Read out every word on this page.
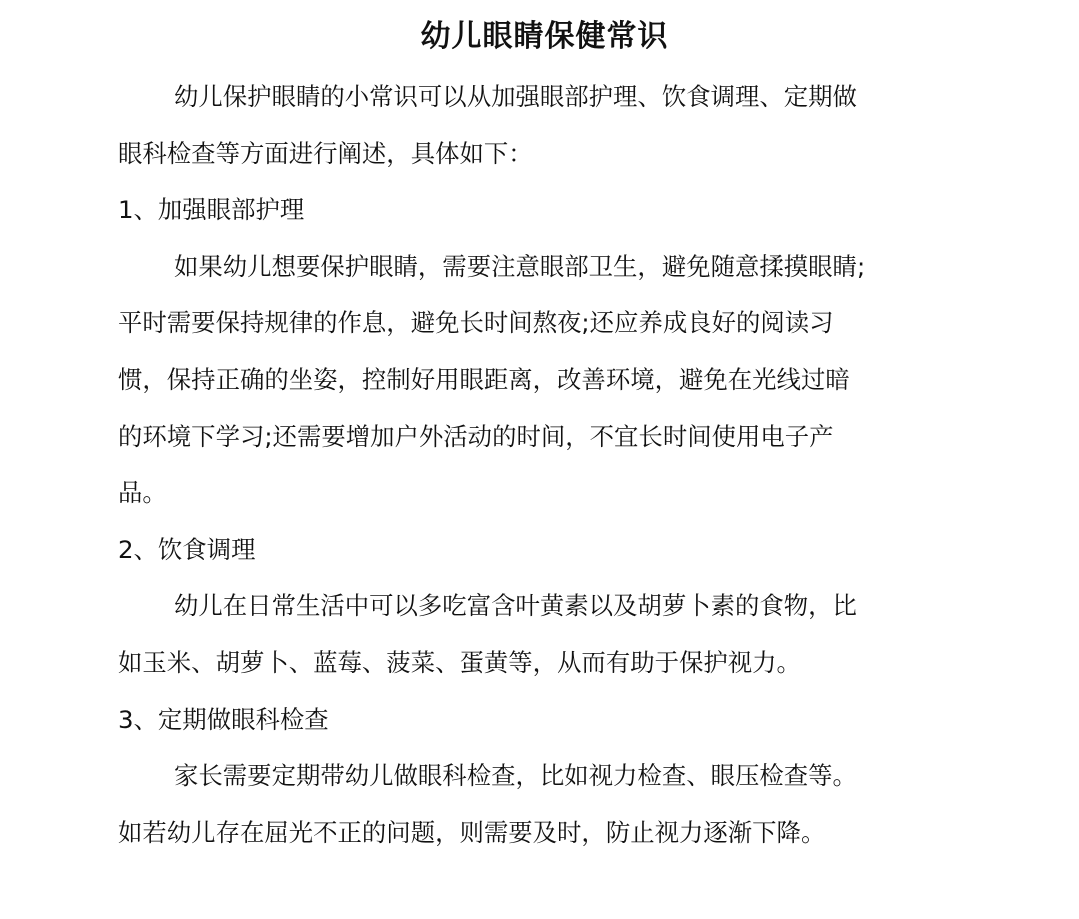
幼儿眼睛保健常识
幼儿保护眼睛的小常识可以从加强眼部护理、饮食调理、定期做
眼科检查等方面进行阐述，具体如下：
1、加强眼部护理
如果幼儿想要保护眼睛，需要注意眼部卫生，避免随意揉摸眼睛;
平时需要保持规律的作息，避免长时间熬夜;还应养成良好的阅读习
惯，保持正确的坐姿，控制好用眼距离，改善环境，避免在光线过暗
的环境下学习;还需要增加户外活动的时间，不宜长时间使用电子产
品。
2、饮食调理
幼儿在日常生活中可以多吃富含叶黄素以及胡萝卜素的食物，比
如玉米、胡萝卜、蓝莓、菠菜、蛋黄等，从而有助于保护视力。
3、定期做眼科检查
家长需要定期带幼儿做眼科检查，比如视力检查、眼压检查等。
如若幼儿存在屈光不正的问题，则需要及时，防止视力逐渐下降。
